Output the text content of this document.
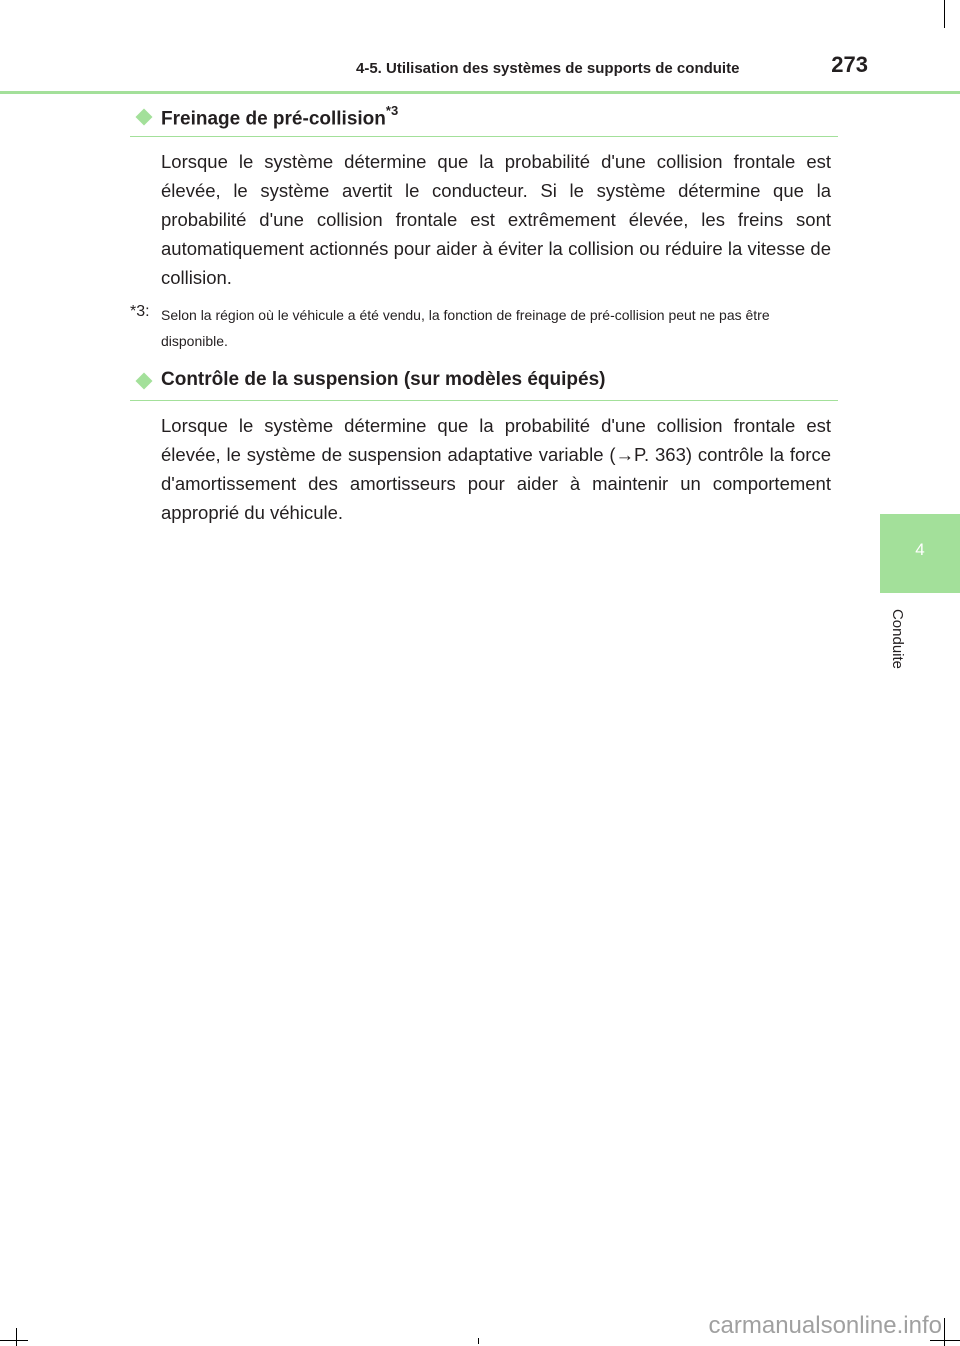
4-5. Utilisation des systèmes de supports de conduite	273
4
Conduite
Freinage de pré-collision$^{*3}$

Lorsque le système détermine que la probabilité d'une collision frontale est élevée, le système avertit le conducteur. Si le système détermine que la probabilité d'une collision frontale est extrêmement élevée, les freins sont automatiquement actionnés pour aider à éviter la collision ou réduire la vitesse de collision.

*3: Selon la région où le véhicule a été vendu, la fonction de freinage de pré-collision peut ne pas être disponible.

Contrôle de la suspension (sur modèles équipés)

Lorsque le système détermine que la probabilité d'une collision frontale est élevée, le système de suspension adaptative variable (→P. 363) contrôle la force d'amortissement des amortisseurs pour aider à maintenir un comportement approprié du véhicule.

carmanualsonline.info
